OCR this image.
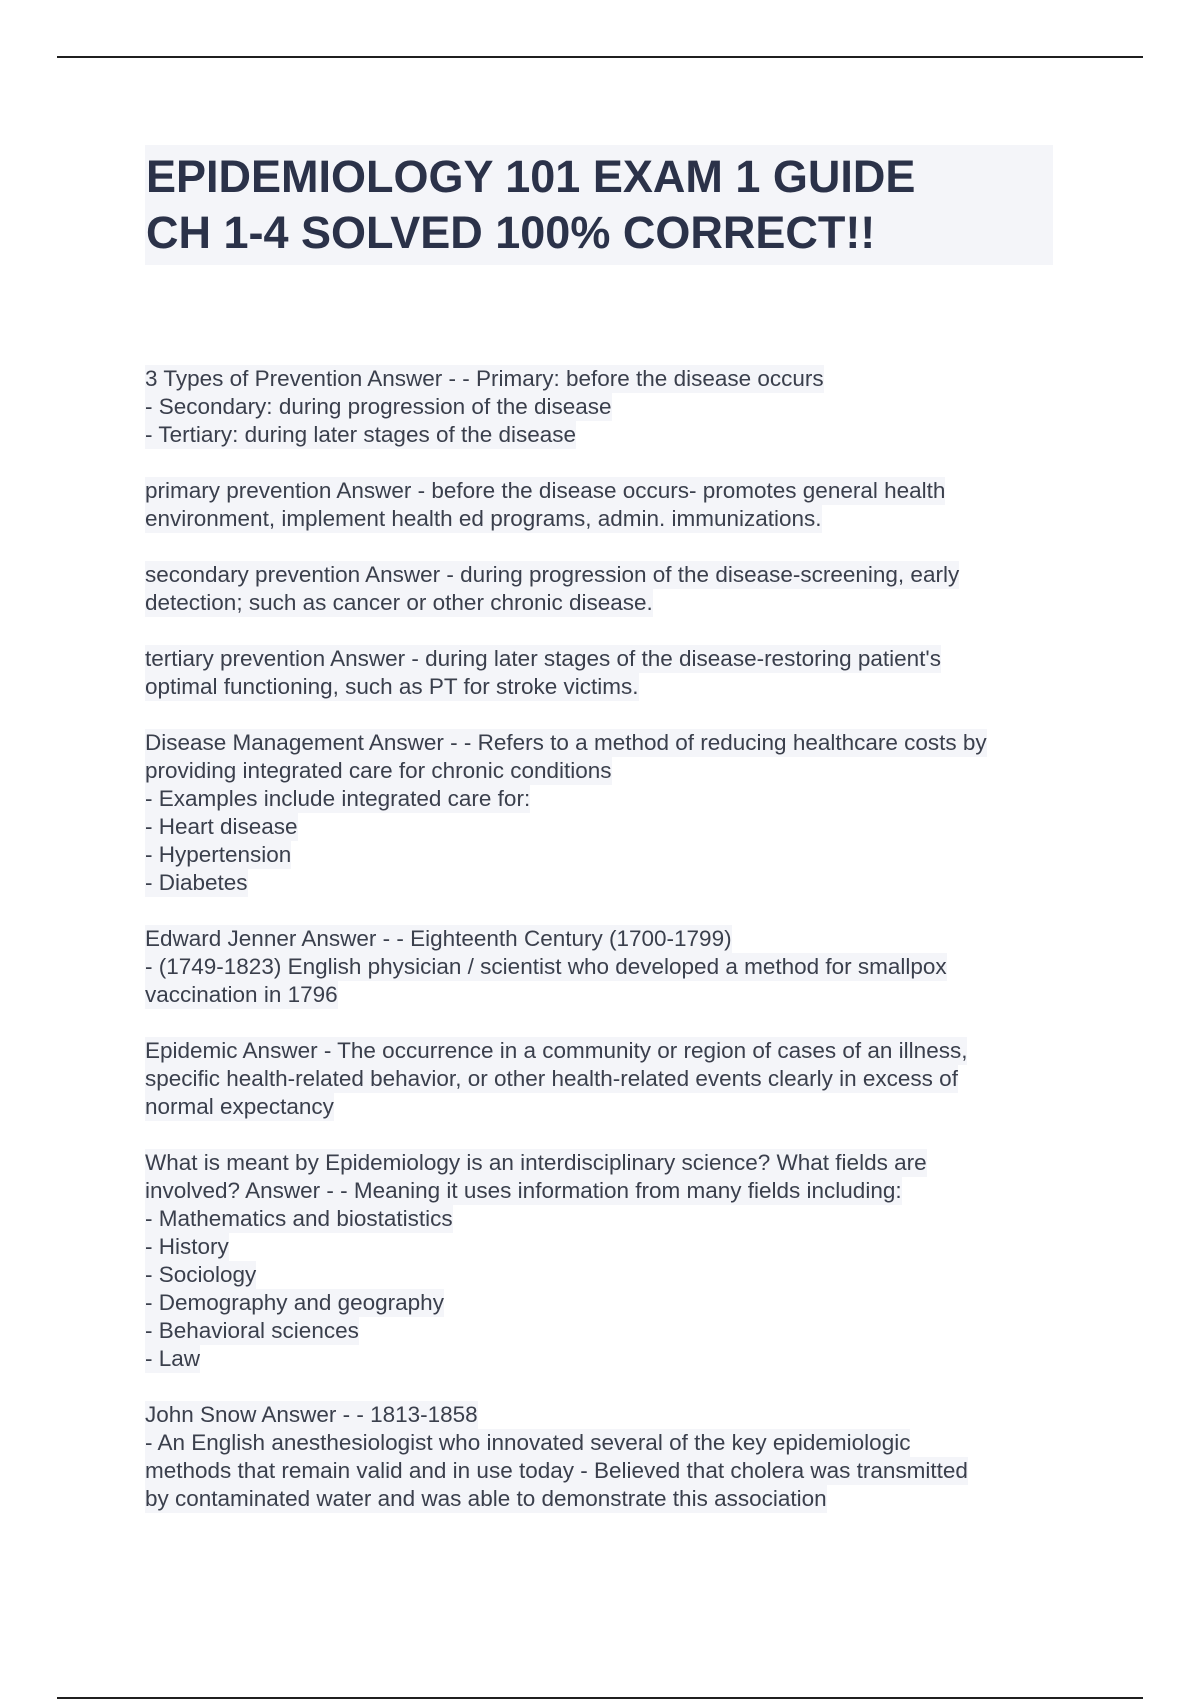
EPIDEMIOLOGY 101 EXAM 1 GUIDE
CH 1-4 SOLVED 100% CORRECT!!
3 Types of Prevention Answer - - Primary: before the disease occurs
- Secondary: during progression of the disease
- Tertiary: during later stages of the disease
primary prevention Answer - before the disease occurs- promotes general health
environment, implement health ed programs, admin. immunizations.
secondary prevention Answer - during progression of the disease-screening, early
detection; such as cancer or other chronic disease.
tertiary prevention Answer - during later stages of the disease-restoring patient's
optimal functioning, such as PT for stroke victims.
Disease Management Answer - - Refers to a method of reducing healthcare costs by
providing integrated care for chronic conditions
- Examples include integrated care for:
- Heart disease
- Hypertension
- Diabetes
Edward Jenner Answer - - Eighteenth Century (1700-1799)
- (1749-1823) English physician / scientist who developed a method for smallpox
vaccination in 1796
Epidemic Answer - The occurrence in a community or region of cases of an illness,
specific health-related behavior, or other health-related events clearly in excess of
normal expectancy
What is meant by Epidemiology is an interdisciplinary science? What fields are
involved? Answer - - Meaning it uses information from many fields including:
- Mathematics and biostatistics
- History
- Sociology
- Demography and geography
- Behavioral sciences
- Law
John Snow Answer - - 1813-1858
- An English anesthesiologist who innovated several of the key epidemiologic
methods that remain valid and in use today - Believed that cholera was transmitted
by contaminated water and was able to demonstrate this association
